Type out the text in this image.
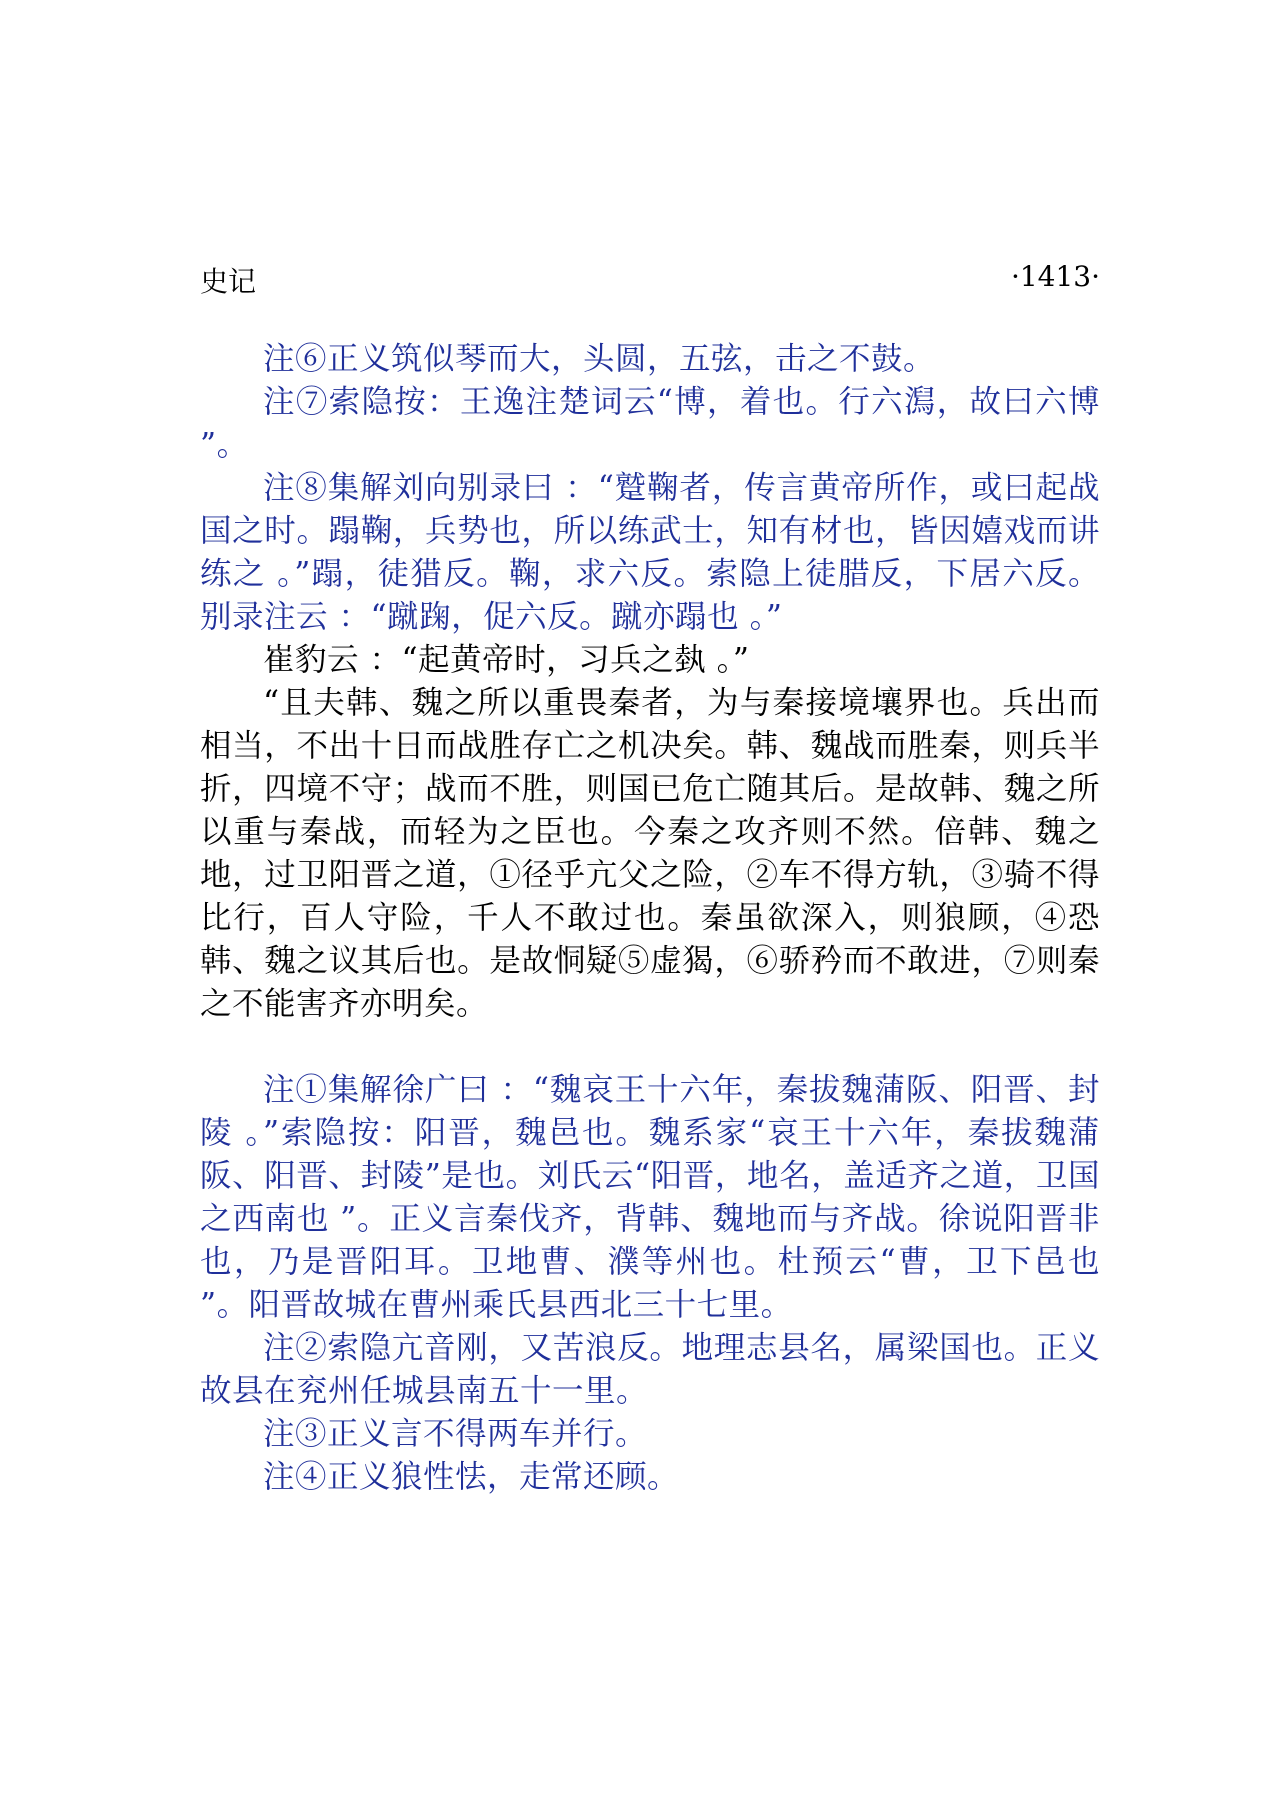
史记	·1413·

注⑥正义筑似琴而大，头圆，五弦，击之不鼓。

注⑦索隐按：王逸注楚词云“博，着也。行六澙，故曰六博 ”。

注⑧集解刘向别录曰 ：“蹵鞠者，传言黄帝所作，或曰起战国之时。蹋鞠，兵势也，所以练武士，知有材也，皆因嬉戏而讲练之 。”蹋，徒猎反。鞠，求六反。索隐上徒腊反，下居六反。别录注云 ：“蹴踘，促六反。蹴亦蹋也 。”

崔豹云 ：“起黄帝时，习兵之埶 。”

“且夫韩、魏之所以重畏秦者，为与秦接境壤界也。兵出而相当，不出十日而战胜存亡之机决矣。韩、魏战而胜秦，则兵半折，四境不守；战而不胜，则国已危亡随其后。是故韩、魏之所以重与秦战，而轻为之臣也。今秦之攻齐则不然。倍韩、魏之地，过卫阳晋之道，①径乎亢父之险，②车不得方轨，③骑不得比行，百人守险，千人不敢过也。秦虽欲深入，则狼顾，④恐韩、魏之议其后也。是故恫疑⑤虚猲，⑥骄矜而不敢进，⑦则秦之不能害齐亦明矣。

注①集解徐广曰 ：“魏哀王十六年，秦拔魏蒲阪、阳晋、封陵 。”索隐按：阳晋，魏邑也。魏系家“哀王十六年，秦拔魏蒲阪、阳晋、封陵”是也。刘氏云“阳晋，地名，盖适齐之道，卫国之西南也 ”。正义言秦伐齐，背韩、魏地而与齐战。徐说阳晋非也，乃是晋阳耳。卫地曹、濮等州也。杜预云“曹，卫下邑也 ”。阳晋故城在曹州乘氏县西北三十七里。

注②索隐亢音刚，又苦浪反。地理志县名，属梁国也。正义故县在兖州任城县南五十一里。

注③正义言不得两车并行。

注④正义狼性怯，走常还顾。
